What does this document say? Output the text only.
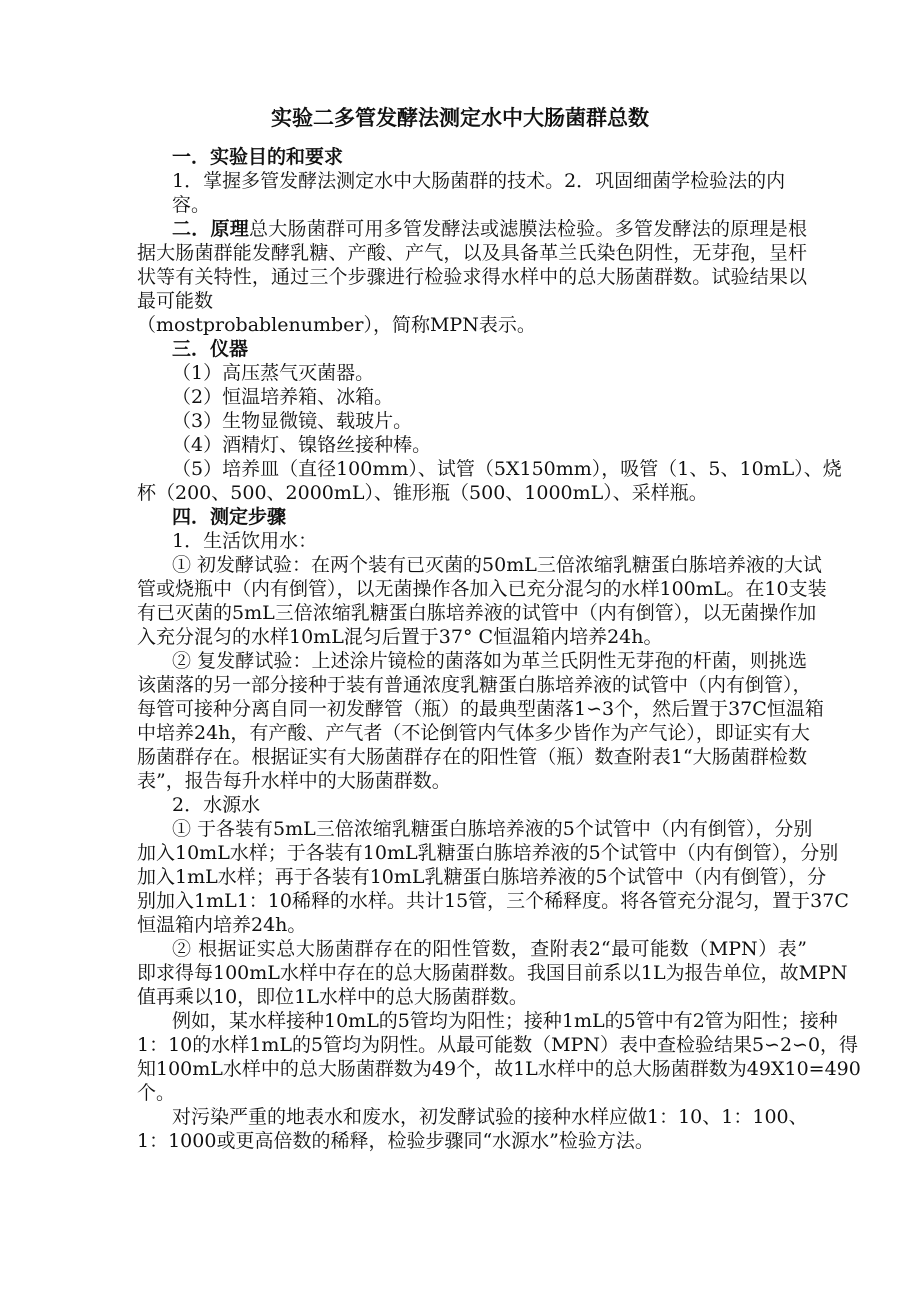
实验二多管发酵法测定水中大肠菌群总数
一．实验目的和要求
1．掌握多管发酵法测定水中大肠菌群的技术。2．巩固细菌学检验法的内
容。
二．原理总大肠菌群可用多管发酵法或滤膜法检验。多管发酵法的原理是根
据大肠菌群能发酵乳糖、产酸、产气，以及具备革兰氏染色阴性，无芽孢，呈杆
状等有关特性，通过三个步骤进行检验求得水样中的总大肠菌群数。试验结果以
最可能数
（mostprobablenumber），简称MPN表示。
三．仪器
（1）高压蒸气灭菌器。
（2）恒温培养箱、冰箱。
（3）生物显微镜、载玻片。
（4）酒精灯、镍铬丝接种棒。
（5）培养皿（直径100mm）、试管（5X150mm），吸管（1、5、10mL）、烧
杯（200、500、2000mL）、锥形瓶（500、1000mL）、采样瓶。
四．测定步骤
1．生活饮用水：
① 初发酵试验：在两个装有已灭菌的50mL三倍浓缩乳糖蛋白胨培养液的大试
管或烧瓶中（内有倒管），以无菌操作各加入已充分混匀的水样100mL。在10支装
有已灭菌的5mL三倍浓缩乳糖蛋白胨培养液的试管中（内有倒管），以无菌操作加
入充分混匀的水样10mL混匀后置于37° C恒温箱内培养24h。
② 复发酵试验：上述涂片镜检的菌落如为革兰氏阴性无芽孢的杆菌，则挑选
该菌落的另一部分接种于装有普通浓度乳糖蛋白胨培养液的试管中（内有倒管），
每管可接种分离自同一初发酵管（瓶）的最典型菌落1∽3个，然后置于37C恒温箱
中培养24h，有产酸、产气者（不论倒管内气体多少皆作为产气论），即证实有大
肠菌群存在。根据证实有大肠菌群存在的阳性管（瓶）数查附表1“大肠菌群检数
表”，报告每升水样中的大肠菌群数。
2．水源水
① 于各装有5mL三倍浓缩乳糖蛋白胨培养液的5个试管中（内有倒管），分别
加入10mL水样；于各装有10mL乳糖蛋白胨培养液的5个试管中（内有倒管），分别
加入1mL水样；再于各装有10mL乳糖蛋白胨培养液的5个试管中（内有倒管），分
别加入1mL1：10稀释的水样。共计15管，三个稀释度。将各管充分混匀，置于37C
恒温箱内培养24h。
② 根据证实总大肠菌群存在的阳性管数，查附表2“最可能数（MPN）表”
即求得每100mL水样中存在的总大肠菌群数。我国目前系以1L为报告单位，故MPN
值再乘以10，即位1L水样中的总大肠菌群数。
例如，某水样接种10mL的5管均为阳性；接种1mL的5管中有2管为阳性；接种
1：10的水样1mL的5管均为阴性。从最可能数（MPN）表中查检验结果5∽2∽0，得
知100mL水样中的总大肠菌群数为49个，故1L水样中的总大肠菌群数为49X10=490
个。
对污染严重的地表水和废水，初发酵试验的接种水样应做1：10、1：100、
1：1000或更高倍数的稀释，检验步骤同“水源水”检验方法。
